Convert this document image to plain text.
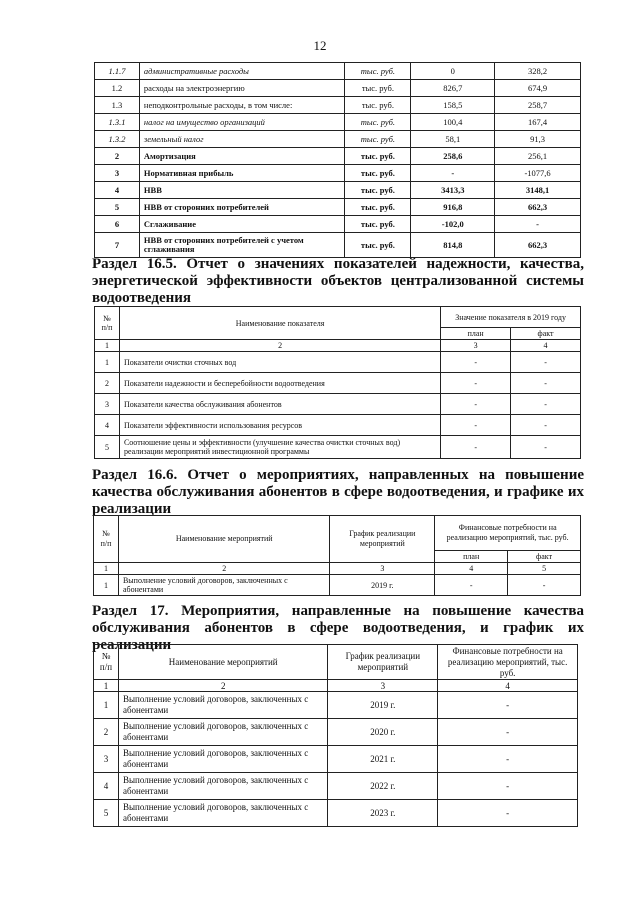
12
1.1.7	административные расходы	тыс. руб.	0	328,2
1.2	расходы на электроэнергию	тыс. руб.	826,7	674,9
1.3	неподконтрольные расходы, в том числе:	тыс. руб.	158,5	258,7
1.3.1	налог на имущество организаций	тыс. руб.	100,4	167,4
1.3.2	земельный налог	тыс. руб.	58,1	91,3
2	Амортизация	тыс. руб.	258,6	256,1
3	Нормативная прибыль	тыс. руб.	-	-1077,6
4	НВВ	тыс. руб.	3413,3	3148,1
5	НВВ от сторонних потребителей	тыс. руб.	916,8	662,3
6	Сглаживание	тыс. руб.	-102,0	-
7	НВВ от сторонних потребителей с учетом сглаживания	тыс. руб.	814,8	662,3
Раздел 16.5. Отчет о значениях показателей надежности, качества, энергетической эффективности объектов централизованной системы водоотведения
№ п/п	Наименование показателя	Значение показателя в 2019 году	
		план	факт
1	2	3	4
1	Показатели очистки сточных вод	-	-
2	Показатели надежности и бесперебойности водоотведения	-	-
3	Показатели качества обслуживания абонентов	-	-
4	Показатели эффективности использования ресурсов	-	-
5	Соотношение цены и эффективности (улучшение качества очистки сточных вод) реализации мероприятий инвестиционной программы	-	-
Раздел 16.6. Отчет о мероприятиях, направленных на повышение качества обслуживания абонентов в сфере водоотведения, и графике их реализации
№ п/п	Наименование мероприятий	График реализации мероприятий	Финансовые потребности на реализацию мероприятий, тыс. руб.	
			план	факт
1	2	3	4	5
1	Выполнение условий договоров, заключенных с абонентами	2019 г.	-	-
Раздел 17. Мероприятия, направленные на повышение качества обслуживания абонентов в сфере водоотведения, и график их реализации
№ п/п	Наименование мероприятий	График реализации мероприятий	Финансовые потребности на реализацию мероприятий, тыс. руб.
1	2	3	4
1	Выполнение условий договоров, заключенных с абонентами	2019 г.	-
2	Выполнение условий договоров, заключенных с абонентами	2020 г.	-
3	Выполнение условий договоров, заключенных с абонентами	2021 г.	-
4	Выполнение условий договоров, заключенных с абонентами	2022 г.	-
5	Выполнение условий договоров, заключенных с абонентами	2023 г.	-
